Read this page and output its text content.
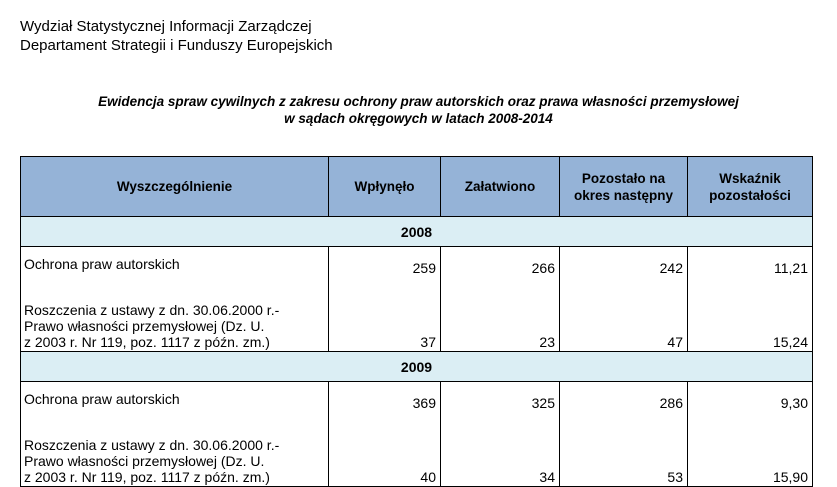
Wydział Statystycznej Informacji Zarządczej
Departament Strategii i Funduszy Europejskich
Ewidencja spraw cywilnych z zakresu ochrony praw autorskich oraz prawa własności przemysłowej
w sądach okręgowych w latach 2008-2014
Wyszczególnienie	Wpłynęło	Załatwiono	Pozostało na okres następny	Wskaźnik pozostałości
2008				
Ochrona praw autorskich	259	266	242	11,21

Roszczenia z ustawy z dn. 30.06.2000 r.-
Prawo własności przemysłowej (Dz. U.
z 2003 r. Nr 119, poz. 1117 z późn. zm.)	37	23	47	15,24
2009				
Ochrona praw autorskich	369	325	286	9,30

Roszczenia z ustawy z dn. 30.06.2000 r.-
Prawo własności przemysłowej (Dz. U.
z 2003 r. Nr 119, poz. 1117 z późn. zm.)	40	34	53	15,90
